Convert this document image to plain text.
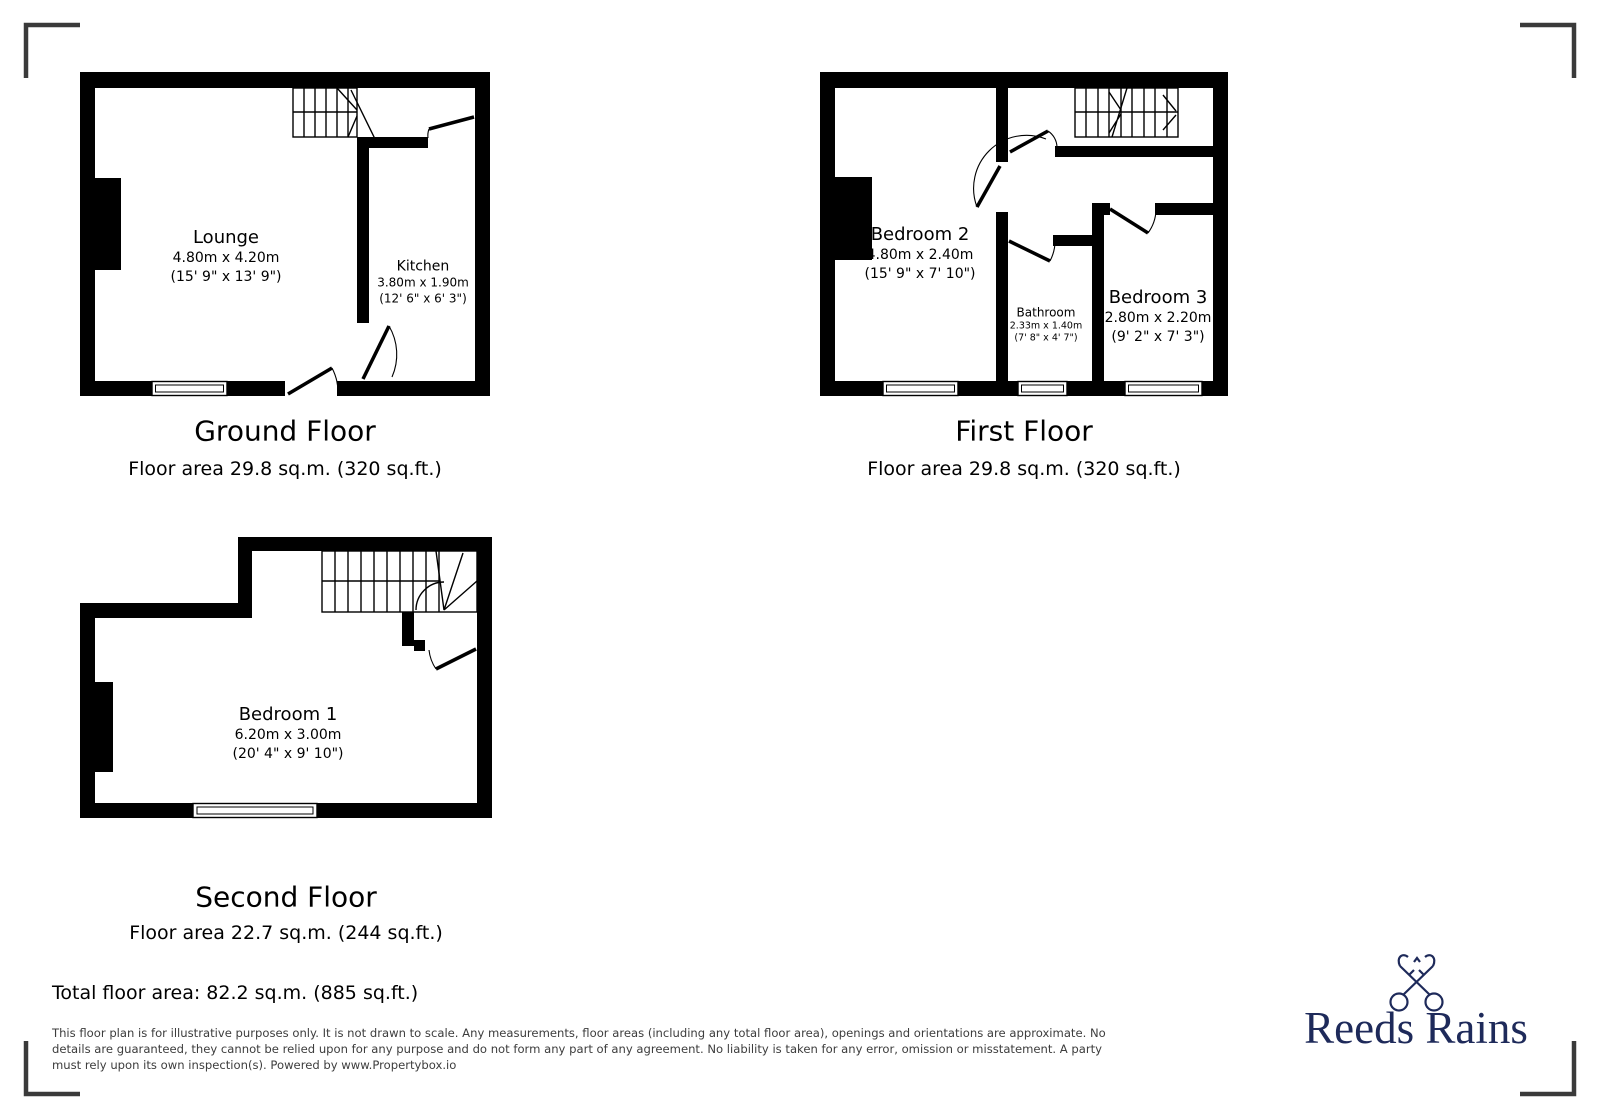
Lounge
4.80m x 4.20m
(15' 9" x 13' 9")
Kitchen
3.80m x 1.90m
(12' 6" x 6' 3")
Bedroom 2
4.80m x 2.40m
(15' 9" x 7' 10")
Bathroom
2.33m x 1.40m
(7' 8" x 4' 7")
Bedroom 3
2.80m x 2.20m
(9' 2" x 7' 3")
Bedroom 1
6.20m x 3.00m
(20' 4" x 9' 10")
Ground Floor
Floor area 29.8 sq.m. (320 sq.ft.)
First Floor
Floor area 29.8 sq.m. (320 sq.ft.)
Second Floor
Floor area 22.7 sq.m. (244 sq.ft.)
Total floor area: 82.2 sq.m. (885 sq.ft.)
This floor plan is for illustrative purposes only. It is not drawn to scale. Any measurements, floor areas (including any total floor area), openings and orientations are approximate. No
details are guaranteed, they cannot be relied upon for any purpose and do not form any part of any agreement. No liability is taken for any error, omission or misstatement. A party
must rely upon its own inspection(s). Powered by www.Propertybox.io
Reeds Rains
